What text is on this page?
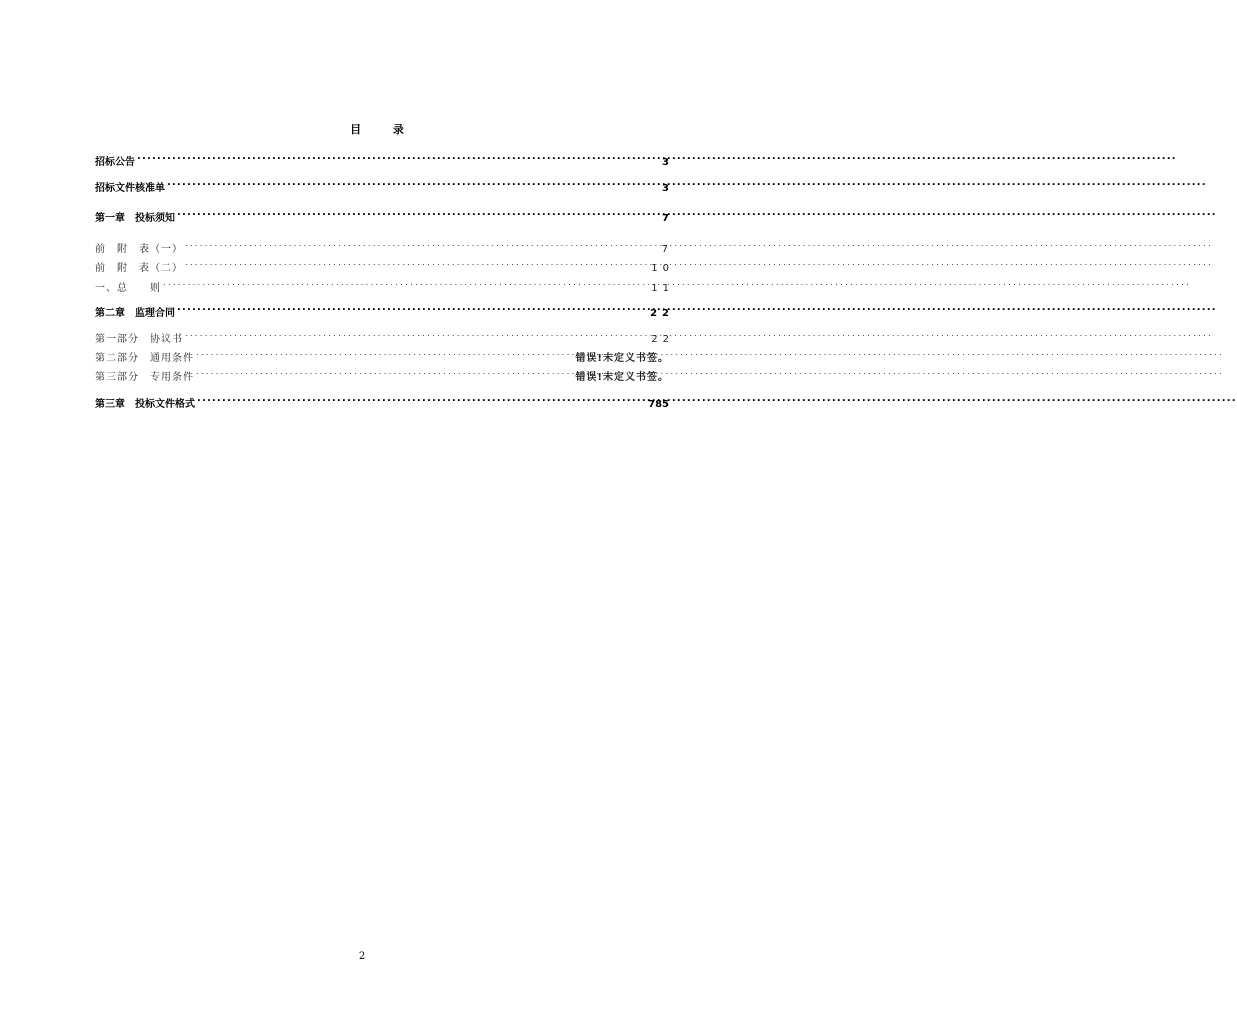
目 录
招标公告 .....	3
招标文件核准单 .....	3
第一章　投标须知 .....	7
前　附　表（一） .....	7
前　附　表（二） .....	10
一、总　　则 .....	11
第二章　监理合同 .....	22
第一部分　协议书 .....	22
第二部分　通用条件 .....	错误!未定义书签。
第三部分　专用条件 .....	错误!未定义书签。
第三章　投标文件格式 .....	785
2
